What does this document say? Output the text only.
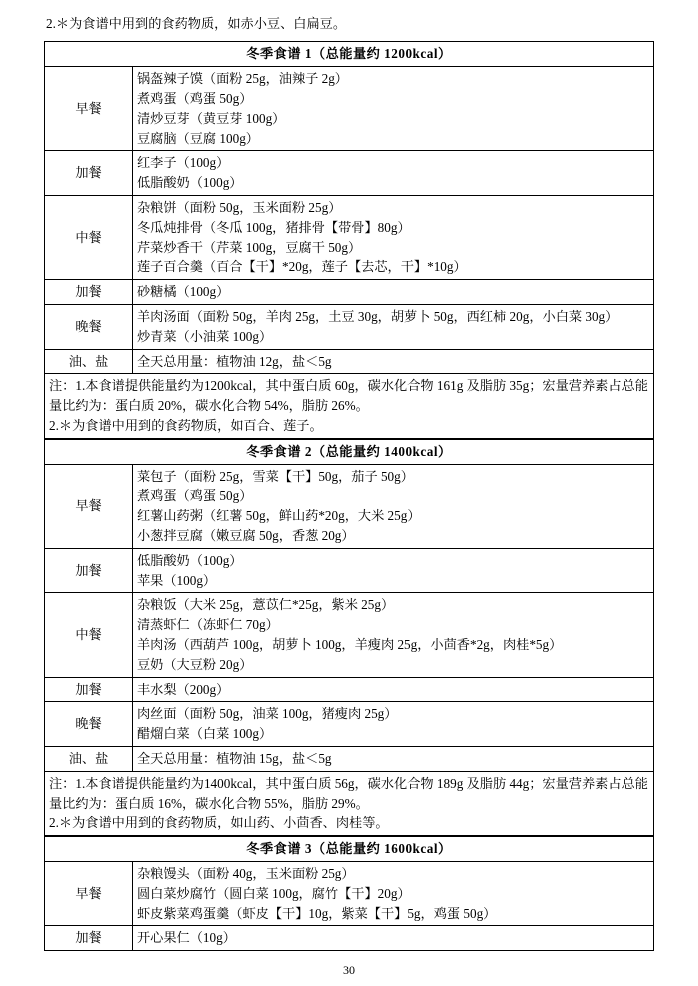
2.＊为食谱中用到的食药物质，如赤小豆、白扁豆。

冬季食谱 1（总能量约 1200kcal）	
早餐	锅盔辣子馍（面粉 25g，油辣子 2g）
煮鸡蛋（鸡蛋 50g）
清炒豆芽（黄豆芽 100g）
豆腐脑（豆腐 100g）

加餐	红李子（100g）
低脂酸奶（100g）

中餐	杂粮饼（面粉 50g，玉米面粉 25g）
冬瓜炖排骨（冬瓜 100g，猪排骨【带骨】80g）
芹菜炒香干（芹菜 100g，豆腐干 50g）
莲子百合羹（百合【干】*20g，莲子【去芯，干】*10g）

加餐	砂糖橘（100g）

晚餐	羊肉汤面（面粉 50g，羊肉 25g，土豆 30g，胡萝卜 50g，西红柿 20g，小白菜 30g）
炒青菜（小油菜 100g）

油、盐	全天总用量：植物油 12g，盐＜5g

注：1.本食谱提供能量约为1200kcal，其中蛋白质 60g，碳水化合物 161g 及脂肪 35g；宏量营养素占总能量比约为：蛋白质 20%，碳水化合物 54%，脂肪 26%。
2.＊为食谱中用到的食药物质，如百合、莲子。	
冬季食谱 2（总能量约 1400kcal）	
早餐	菜包子（面粉 25g，雪菜【干】50g，茄子 50g）
煮鸡蛋（鸡蛋 50g）
红薯山药粥（红薯 50g，鲜山药*20g，大米 25g）
小葱拌豆腐（嫩豆腐 50g，香葱 20g）

加餐	低脂酸奶（100g）
苹果（100g）

中餐	杂粮饭（大米 25g，薏苡仁*25g，紫米 25g）
清蒸虾仁（冻虾仁 70g）
羊肉汤（西葫芦 100g，胡萝卜 100g，羊瘦肉 25g，小茴香*2g，肉桂*5g）
豆奶（大豆粉 20g）

加餐	丰水梨（200g）

晚餐	肉丝面（面粉 50g，油菜 100g，猪瘦肉 25g）
醋熘白菜（白菜 100g）

油、盐	全天总用量：植物油 15g，盐＜5g

注：1.本食谱提供能量约为1400kcal，其中蛋白质 56g，碳水化合物 189g 及脂肪 44g；宏量营养素占总能量比约为：蛋白质 16%，碳水化合物 55%，脂肪 29%。
2.＊为食谱中用到的食药物质，如山药、小茴香、肉桂等。	
冬季食谱 3（总能量约 1600kcal）	
早餐	杂粮馒头（面粉 40g，玉米面粉 25g）
圆白菜炒腐竹（圆白菜 100g，腐竹【干】20g）
虾皮紫菜鸡蛋羹（虾皮【干】10g，紫菜【干】5g，鸡蛋 50g）

加餐	开心果仁（10g）
30
